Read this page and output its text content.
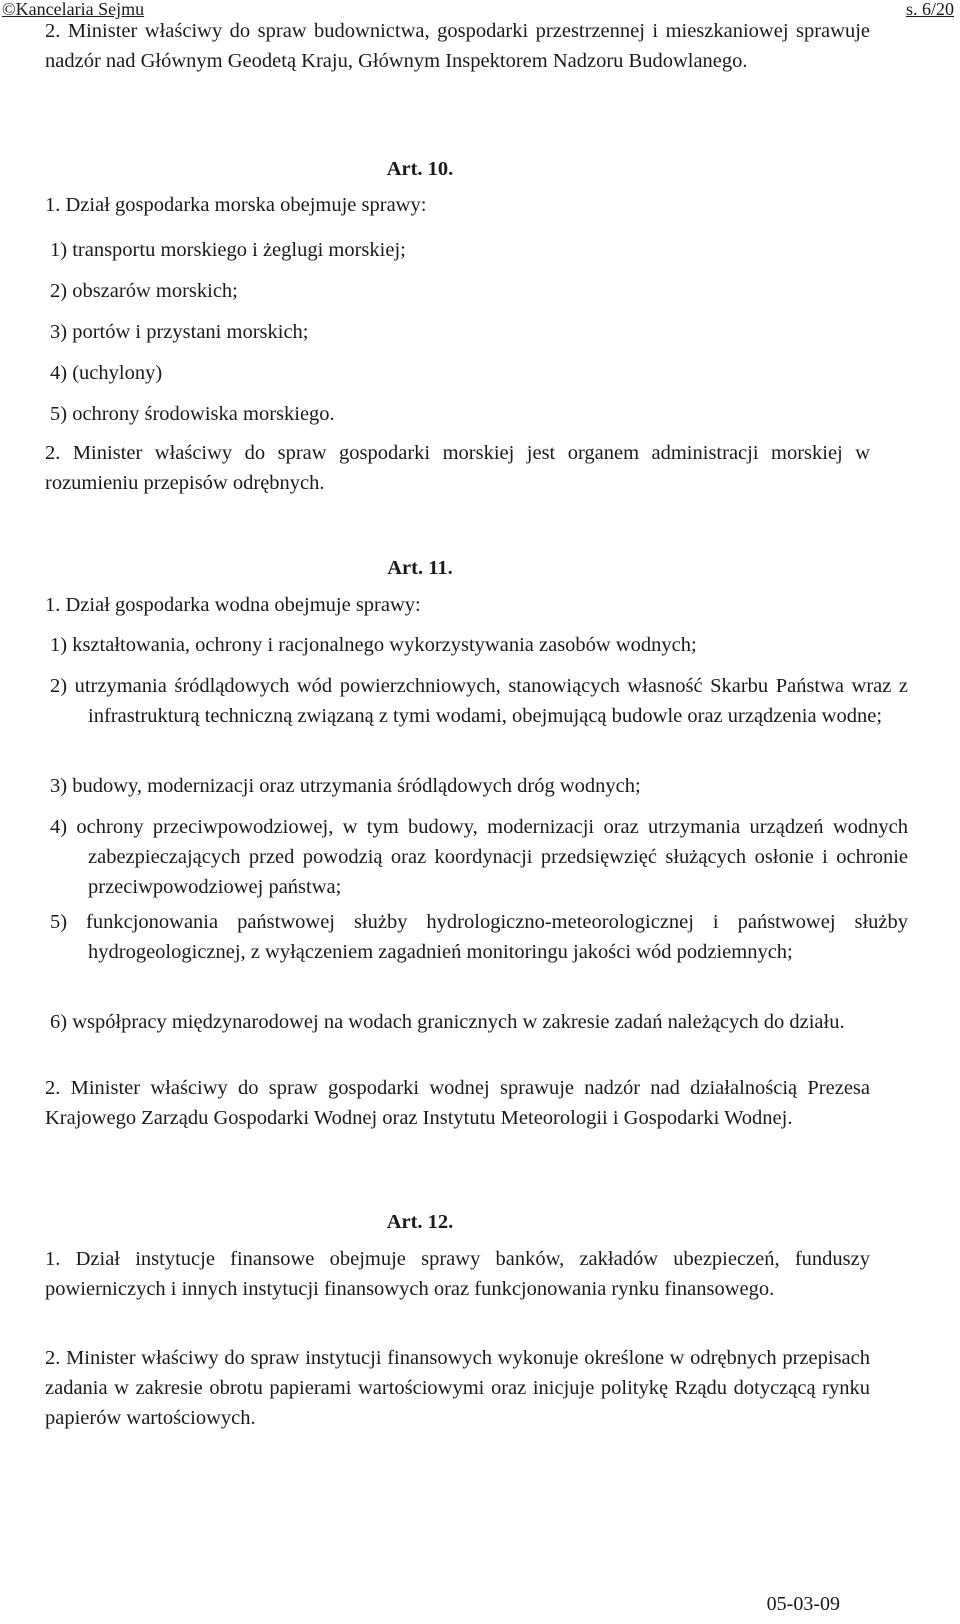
©Kancelaria Sejmu	s. 6/20

2. Minister właściwy do spraw budownictwa, gospodarki przestrzennej i mieszkaniowej sprawuje nadzór nad Głównym Geodetą Kraju, Głównym Inspektorem Nadzoru Budowlanego.

Art. 10.

1. Dział gospodarka morska obejmuje sprawy:

1) transportu morskiego i żeglugi morskiej;

2) obszarów morskich;

3) portów i przystani morskich;

4) (uchylony)

5) ochrony środowiska morskiego.

2. Minister właściwy do spraw gospodarki morskiej jest organem administracji morskiej w rozumieniu przepisów odrębnych.

Art. 11.

1. Dział gospodarka wodna obejmuje sprawy:

1) kształtowania, ochrony i racjonalnego wykorzystywania zasobów wodnych;

2) utrzymania śródlądowych wód powierzchniowych, stanowiących własność Skarbu Państwa wraz z infrastrukturą techniczną związaną z tymi wodami, obejmującą budowle oraz urządzenia wodne;

3) budowy, modernizacji oraz utrzymania śródlądowych dróg wodnych;

4) ochrony przeciwpowodziowej, w tym budowy, modernizacji oraz utrzymania urządzeń wodnych zabezpieczających przed powodzią oraz koordynacji przedsięwzięć służących osłonie i ochronie przeciwpowodziowej państwa;

5) funkcjonowania państwowej służby hydrologiczno-meteorologicznej i państwowej służby hydrogeologicznej, z wyłączeniem zagadnień monitoringu jakości wód podziemnych;

6) współpracy międzynarodowej na wodach granicznych w zakresie zadań należących do działu.

2. Minister właściwy do spraw gospodarki wodnej sprawuje nadzór nad działalnością Prezesa Krajowego Zarządu Gospodarki Wodnej oraz Instytutu Meteorologii i Gospodarki Wodnej.

Art. 12.

1. Dział instytucje finansowe obejmuje sprawy banków, zakładów ubezpieczeń, funduszy powierniczych i innych instytucji finansowych oraz funkcjonowania rynku finansowego.

2. Minister właściwy do spraw instytucji finansowych wykonuje określone w odrębnych przepisach zadania w zakresie obrotu papierami wartościowymi oraz inicjuje politykę Rządu dotyczącą rynku papierów wartościowych.

05-03-09
